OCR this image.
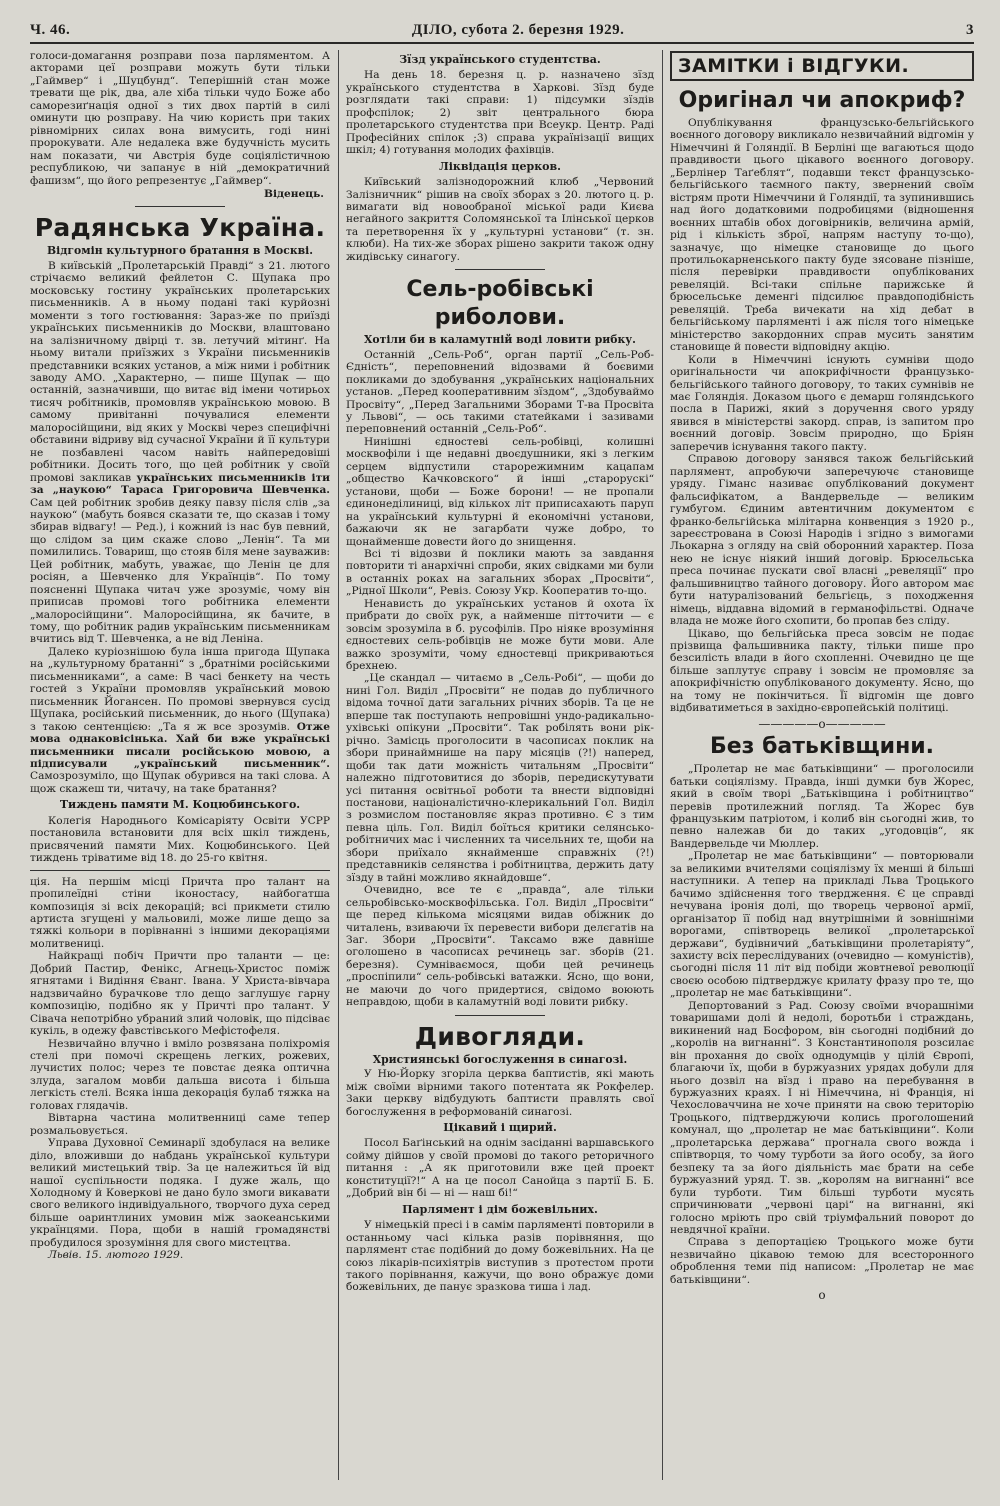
Ч. 46.	ДІЛО, субота 2. березня 1929.	3

голоси-домагання розправи поза парляментом. А акторами цеї розправи можуть бути тільки „Гаймвер“ і „Шуцбунд“. Теперішній стан може тревати ще рік, два, але хіба тільки чудо Боже або саморезиґнація одної з тих двох партій в силі оминути цю розправу. На чию користь при таких рівномірних силах вона вимусить, годі нині пророкувати. Але недалека вже будучність мусить нам показати, чи Австрія буде соціялістичною республикою, чи запанує в ній „демократичний фашизм“, що його репрезентує „Гаймвер“.

Віденець.
Радянська Україна.
Відгомін культурного братання в Москві.

В київській „Пролетарській Правді“ з 21. лютого стрічаємо великий фейлетон С. Щупака про московську гостину українських пролетарських письменників. А в ньому подані такі курйозні моменти з того гостювання: Зараз-же по приїзді українських письменників до Москви, влаштовано на залізничному двірці т. зв. летучий мітинґ. На ньому витали приїзжих з України письменників представники всяких установ, а між ними і робітник заводу АМО. „Характерно, — пише Щупак — що останній, зазначивши, що витає від імени чотирьох тисяч робітників, промовляв українською мовою. В самому привітанні почувалися елементи малоросійщини, від яких у Москві через специфічні обставини відриву від сучасної України й її культури не позбавлені часом навіть найпередовіші робітники. Досить того, що цей робітник у своїй промові закликав українських письменників іти за „наукою“ Тараса Григоровича Шевченка. Сам цей робітник зробив деяку павзу після слів „за наукою“ (мабуть боявся сказати те, що сказав і тому збирав відвагу! — Ред.), і кожний із нас був певний, що слідом за цим скаже слово „Ленін“. Та ми помилились. Товариш, що стояв біля мене зауважив: Цей робітник, мабуть, уважає, що Ленін це для росіян, а Шевченко для Українців“. По тому поясненні Щупака читач уже зрозуміє, чому він приписав промові того робітника елементи „малоросійщини“. Малоросійщина, як бачите, в тому, що робітник радив українським письменникам вчитись від Т. Шевченка, а не від Леніна.

Далеко куріознішою була інша пригода Щупака на „культурному братанні“ з „братніми російськими письменниками“, а саме: В часі бенкету на честь гостей з України промовляв український мовою письменник Йогансен. По промові звернувся сусід Щупака, російський письменник, до нього (Щупака) з такою сентенцією: „Та я ж все зрозумів. Отже мова однаковісінька. Хай би вже українські письменники писали російською мовою, а підписували „український письменник“. Самозрозуміло, що Щупак обурився на такі слова. А щож скажеш ти, читачу, на таке братання?

Тиждень памяти М. Коцюбинського.

Колегія Народнього Комісаріяту Освіти УСРР постановила встановити для всіх шкіл тиждень, присвячений памяти Мих. Коцюбинського. Цей тиждень тріватиме від 18. до 25-го квітня.

ція. На першім місці Причта про талант на пропилеїдні стіни іконостасу, найбогатша композиція зі всіх декорацій; всі прикмети стилю артиста згущені у мальовилі, може лише дещо за тяжкі кольори в порівнанні з іншими декораціями молитвениці.

Найкращі побіч Причти про таланти — це: Добрий Пастир, Фенікс, Агнець-Христос поміж ягнятами і Видіння Єванг. Івана. У Христа-вівчара надзвичайно бурачкове тло дещо заглушує гарну композицію, подібно як у Причті про талант. У Сівача непотрібно убраний злий чоловік, що підсіває кукіль, в одежу фавстівського Мефістофеля.

Незвичайно влучно і вміло розвязана поліхромія стелі при помочі скрещень легких, рожевих, лучистих полос; через те повстає деяка оптична злуда, загалом мовби дальша висота і більша легкість стелі. Всяка інша декорація булаб тяжка на головах глядачів.

Вівтарна частина молитвенниці саме тепер розмальовується.

Управа Духовної Семинарії здобулася на велике діло, вложивши до набдань української культури великий мистецький твір. За це належиться їй від нашої суспільности подяка. І дуже жаль, що Холодному й Коверкові не дано було змоги викавати свого великого індивідуального, творчого духа серед більше оаринтлиних умовин між заокеанськими українцями. Пора, щоби в нашій громадянстві пробудилося зрозуміння для свого мистецтва.

Львів. 15. лютого 1929.

Зїзд українського студентства.

На день 18. березня ц. р. назначено зїзд українського студентства в Харкові. Зїзд буде розглядати такі справи: 1) підсумки зїздів профспілок; 2) звіт центрального бюра пролетарського студентства при Всеукр. Центр. Раді Професійних спілок ;3) справа українізації вищих шкіл; 4) готування молодих фахівців.

Ліквідація церков.

Київський залізнодорожний клюб „Червоний Залізничник“ рішив на своїх зборах з 20. лютого ц. р. вимагати від новообраної міської ради Києва негайного закриття Соломянської та Ілінської церков та перетворення їх у „культурні установи“ (т. зн. клюби). На тих-же зборах рішено закрити також одну жидівську синагогу.

Сель-робівські риболови.
Хотіли би в каламутній воді ловити рибку.

Останній „Сель-Роб“, орган партії „Сель-Роб-Єдність“, переповнений відозвами й боєвими покликами до здобування „українських національних установ. „Перед кооперативним зїздом“, „Здобуваймо Просвіту“, „Перед Загальними Зборами Т-ва Просвіта у Львові“, — ось такими статейками і зазивами переповнений останній „Сель-Роб“.

Нинішні єдностеві сель-робівці, колишні москвофіли і ще недавні двоєдушники, які з легким серцем відпустили старорежимним кацапам „общество Качковского“ й інші „старорускі“ установи, щоби — Боже борони! — не пропали єдинонеділиниці, від кількох літ приписахають паруп на український культурні й економічні установи, бажаючи як не загарбати чуже добро, то щонайменше довести його до знищення.

Всі ті відозви й поклики мають за завдання повторити ті анархічні спроби, яких свідками ми були в останніх роках на загальних зборах „Просвіти“, „Рідної Школи“, Ревіз. Союзу Укр. Кооператив то-що.

Ненависть до українських установ й охота їх прибрати до своїх рук, а найменше пітточити — є зовсім зрозуміла в б. русофілів. Про ніяке врозуміння єдностевих сель-робівців не може бути мови. Але важко зрозуміти, чому єдностевці прикриваються брехнею.

„Це скандал — читаємо в „Сель-Робі“, — щоби до нині Гол. Виділ „Просвіти“ не подав до публичного відома точної дати загальних річних зборів. Та це не вперше так поступають непровішні ундо-радикально-ухівські опікуни „Просвіти“. Так робілять вони рік-річно. Замісць проголосити в часописах поклик на збори принаймнише на пару місяців (?!) наперед, щоби так дати можність читальням „Просвіти“ належно підготовитися до зборів, передискутувати усі питання освітньої роботи та внести відповідні постанови, націоналістично-клерикальний Гол. Виділ з розмислом постановляє якраз противно. Є з тим певна ціль. Гол. Виділ боїться критики селянсько-робітничих мас і численних та чисельних те, щоби на збори приїхало якнайменше справжніх (?!) представників селянства і робітництва, держить дату зїзду в тайні можливо якнайдовше“.

Очевидно, все те є „правда“, але тільки сельробівсько-москвофільська. Гол. Виділ „Просвіти“ ще перед кількома місяцями видав обіжник до читалень, взиваючи їх перевести вибори делєгатів на Заг. Збори „Просвіти“. Таксамо вже давніше оголошено в часописах речинець заг. зборів (21. березня). Сумніваємося, щоби цей речинець „проспіпили“ сель-робівські ватажки. Ясно, що вони, не маючи до чого придертися, свідомо воюють неправдою, щоби в каламутній воді ловити рибку.

Дивогляди.
Християнські богослуження в синагозі.

У Ню-Йорку згоріла церква баптистів, які мають між своїми вірними такого потентата як Рокфелер. Заки церкву відбудують баптисти правлять свої богослуження в реформованій синагозі.

Цікавий і щирий.

Посол Баґінський на однім засіданні варшавського сойму дійшов у своїй промові до такого реторичного питання : „А як приготовили вже цей проект конституції?!“ А на це посол Санойца з партії Б. Б. „Добрий він бі — ні — наш бі!“

Парлямент і дім божевільних.

У німецькій пресі і в самім парляменті повторили в останньому часі кілька разів порівняння, що парлямент стає подібний до дому божевільних. На це союз лікарів-психіятрів виступив з протестом проти такого порівнання, кажучи, що воно ображує доми божевільних, де панує зразкова тиша і лад.

ЗАМІТКИ і ВІДГУКИ.
Оригінал чи апокриф?

Опублікування французсько-бельгійського воєнного договору викликало незвичайний відгомін у Німеччині й Голяндії. В Берліні ще вагаються щодо правдивости цього цікавого воєнного договору. „Берлінер Таґеблят“, подавши текст французсько-бельгійського таємного пакту, звернений своїм вістрям проти Німеччини й Голяндії, та зупинившись над його додатковими подробицями (відношення воєнних штабів обох договірників, величина армій, рід і кількість зброї, напрям наступу то-що), зазначує, що німецке становище до цього протильокарненського пакту буде зясоване пізніше, після перевірки правдивости опублікованих ревеляцій. Всі-таки спільне парижське й брюсельське деменгі підсилює правдоподібність ревеляцій. Треба вичекати на хід дебат в бельгійському парляменті і аж після того німецьке міністерство закордонних справ мусить занятим становище й повести відповідну акцію.

Коли в Німеччині існують сумніви щодо оригінальности чи апокрифічности французько-бельгійського тайного договору, то таких сумнівів не має Голяндія. Доказом цього є демарш голяндського посла в Парижі, який з доручення свого уряду явився в міністерстві закорд. справ, із запитом про воєнний договір. Зовсім природно, що Бріян заперечив існування такого пакту.

Справою договору занявся також бельгійський парлямент, апробуючи заперечуючє становище уряду. Гіманс називає опублікований документ фальсифікатом, а Вандервельде — великим гумбугом. Єдиним автентичним документом є франко-бельгійська мілітарна конвенция з 1920 р., зареєстрована в Союзі Народів і згідно з вимогами Льокарна з огляду на свій оборонний характер. Поза нею не існує ніякий інший договір. Брюсельська преса починає пускати свої власні „ревеляції“ про фальшивництво тайного договору. Його автором має бути натуралізований бельгієць, з походження німець, віддавна відомий в германофільстві. Одначе влада не може його схопити, бо пропав без сліду.

Цікаво, що бельгійська преса зовсім не подає прізвища фальшивника пакту, тільки пише про безсилість влади в його схопленні. Очевидно це ще більше заплутує справу і зовсім не промовляє за апокрифічністю опублікованого документу. Ясно, що на тому не покінчиться. Її відгомін ще довго відбиватиметься в західно-європейській політиці.

—————о—————
Без батьківщини.

„Пролетар не має батьківщини“ — проголосили батьки соціялізму. Правда, інші думки був Жорес, який в своїм творі „Батьківщина і робітництво“ перевів протилежний погляд. Та Жорес був французьким патріотом, і колиб він сьогодні жив, то певно належав би до таких „угодовців“, як Вандервельде чи Мюллер.

„Пролетар не має батьківщини“ — повторювали за великими вчителями соціялізму їх менші й більші наступники. А тепер на прикладі Льва Троцького бачимо здійснення того твердження. Є це справді нечувана іронія долі, що творець червоної армії, організатор її побід над внутрішніми й зовнішніми ворогами, співтворець великої „пролетарської держави“, будівничий „батьківщини пролетаріяту“, захисту всіх переслідуваних (очевидно — комуністів), сьогодні після 11 літ від побіди жовтневої революції своєю особою підтверджує крилату фразу про те, що „пролетар не має батьківщини“.

Депортований з Рад. Союзу своїми вчорашніми товаришами долі й недолі, боротьби і страждань, викинений над Босфором, він сьогодні подібний до „королів на вигнанні“. З Константинополя розсилає він прохання до своїх однодумців у цілій Європі, благаючи їх, щоби в буржуазних урядах добули для нього дозвіл на вїзд і право на перебування в буржуазних краях. І ні Німеччина, ні Франція, ні Чехословаччина не хоче приняти на свою територію Троцького, підтверджуючи колись проголошений комунал, що „пролетар не має батьківщини“. Коли „пролетарська держава“ прогнала свого вожда і співтворця, то чому турботи за його особу, за його безпеку та за його діяльність має брати на себе буржуазний уряд. Т. зв. „королям на вигнанні“ все були турботи. Тим більші турботи мусять спричинювати „червоні царі“ на вигнанні, які голосно мріють про свій тріумфальний поворот до невдячної країни.

Справа з депортацією Троцького може бути незвичайно цікавою темою для всесторонного оброблення теми під написом: „Пролетар не має батьківщини“.

о
